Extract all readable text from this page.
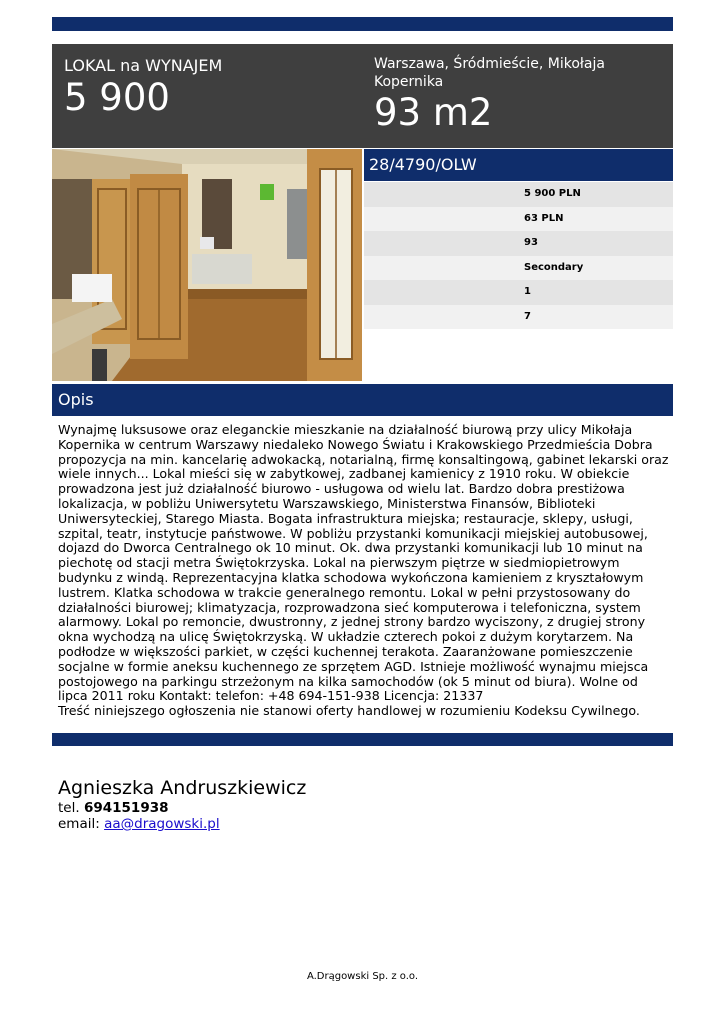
LOKAL na WYNAJEM
5 900
Warszawa, Śródmieście, Mikołaja Kopernika
93 m2
28/4790/OLW
5 900 PLN
63 PLN
93
Secondary
1
7
Opis

Wynajmę luksusowe oraz eleganckie mieszkanie na działalność biurową przy ulicy Mikołaja Kopernika w centrum Warszawy niedaleko Nowego Światu i Krakowskiego Przedmieścia Dobra propozycja na min. kancelarię adwokacką, notarialną, firmę konsaltingową, gabinet lekarski oraz wiele innych... Lokal mieści się w zabytkowej, zadbanej kamienicy z 1910 roku. W obiekcie prowadzona jest już działalność biurowo - usługowa od wielu lat. Bardzo dobra prestiżowa lokalizacja, w pobliżu Uniwersytetu Warszawskiego, Ministerstwa Finansów, Biblioteki Uniwersyteckiej, Starego Miasta. Bogata infrastruktura miejska; restauracje, sklepy, usługi, szpital, teatr, instytucje państwowe. W pobliżu przystanki komunikacji miejskiej autobusowej, dojazd do Dworca Centralnego ok 10 minut. Ok. dwa przystanki komunikacji lub 10 minut na piechotę od stacji metra Świętokrzyska. Lokal na pierwszym piętrze w siedmiopietrowym budynku z windą. Reprezentacyjna klatka schodowa wykończona kamieniem z kryształowym lustrem. Klatka schodowa w trakcie generalnego remontu. Lokal w pełni przystosowany do działalności biurowej; klimatyzacja, rozprowadzona sieć komputerowa i telefoniczna, system alarmowy. Lokal po remoncie, dwustronny, z jednej strony bardzo wyciszony, z drugiej strony okna wychodzą na ulicę Świętokrzyską. W układzie czterech pokoi z dużym korytarzem. Na podłodze w większości parkiet, w części kuchennej terakota. Zaaranżowane pomieszczenie socjalne w formie aneksu kuchennego ze sprzętem AGD. Istnieje możliwość wynajmu miejsca postojowego na parkingu strzeżonym na kilka samochodów (ok 5 minut od biura). Wolne od lipca 2011 roku Kontakt: telefon: +48 694-151-938 Licencja: 21337

Treść niniejszego ogłoszenia nie stanowi oferty handlowej w rozumieniu Kodeksu Cywilnego.

Agnieszka Andruszkiewicz
tel. 694151938
email: aa@dragowski.pl
A.Drągowski Sp. z o.o.
